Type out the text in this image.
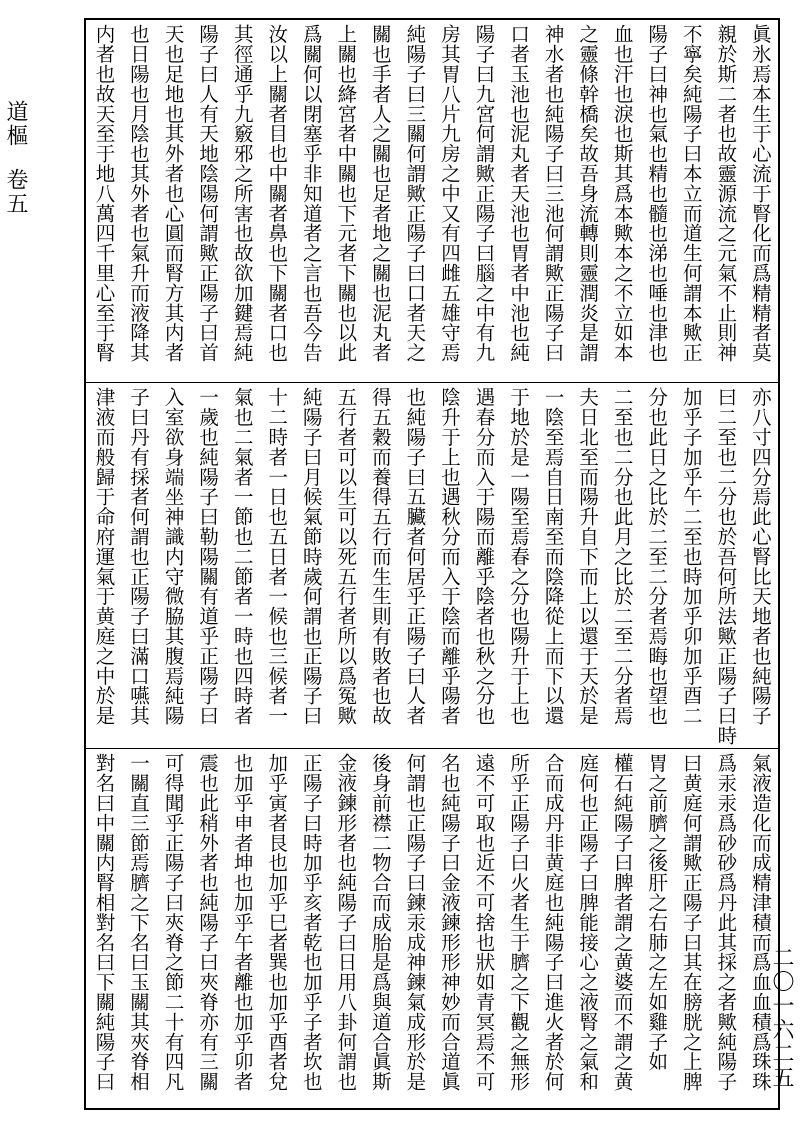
道樞卷五
二〇一六二五
眞氷焉本生于心流于腎化而爲精精者莫
親於斯二者也故靈源流之元氣不止則神
不寧矣純陽子曰本立而道生何謂本歟正
陽子曰神也氣也精也髓也涕也唾也津也
血也汗也淚也斯其爲本歟本之不立如本
之靈條幹橋矣故吾身流轉則靈潤炎是謂
神水者也純陽子曰三池何謂歟正陽子曰
口者玉池也泥丸者天池也胃者中池也純
陽子曰九宮何謂歟正陽子曰腦之中有九
房其胃八片九房之中又有四雌五雄守焉
純陽子曰三關何謂歟正陽子曰口者天之
關也手者人之關也足者地之關也泥丸者
上關也絳宮者中關也下元者下關也以此
爲關何以閉塞乎非知道者之言也吾今告
汝以上關者目也中關者鼻也下關者口也
其徑通乎九竅邪之所害也故欲加鍵焉純
陽子曰人有天地陰陽何謂歟正陽子曰首
天也足地也其外者也心圓而腎方其内者
也日陽也月陰也其外者也氣升而液降其
内者也故天至于地八萬四千里心至于腎
亦八寸四分焉此心腎比天地者也純陽子
曰二至也二分也於吾何所法歟正陽子曰時
加乎子加乎午二至也時加乎卯加乎酉二
分也此日之比於二至二分者焉晦也望也
二至也二分也此月之比於二至二分者焉
夫日北至而陽升自下而上以還于天於是
一陰至焉自日南至而陰降從上而下以還
于地於是一陽至焉春之分也陽升于上也
遇春分而入于陽而離乎陰者也秋之分也
陰升于上也遇秋分而入于陰而離乎陽者
也純陽子曰五臟者何居乎正陽子曰人者
得五穀而養得五行而生生則有敗者也故
五行者可以生可以死五行者所以爲冤歟
純陽子曰月候氣節時歲何謂也正陽子曰
十二時者一日也五日者一候也三候者一
氣也二氣者一節也二節者一時也四時者
一歲也純陽子曰勒陽關有道乎正陽子曰
入室欲身端坐神識内守微脇其腹焉純陽
子曰丹有採者何謂也正陽子曰滿口嚥其
津液而般歸于命府運氣于黄庭之中於是
氣液造化而成精津積而爲血血積爲珠珠
爲汞汞爲砂砂爲丹此其採之者歟純陽子
曰黄庭何謂歟正陽子曰其在膀胱之上脾
胃之前臍之後肝之右肺之左如雞子如
權石純陽子曰脾者謂之黄婆而不謂之黄
庭何也正陽子曰脾能接心之液腎之氣和
合而成丹非黄庭也純陽子曰進火者於何
所乎正陽子曰火者生于臍之下觀之無形
遠不可取也近不可捨也狀如青冥焉不可
名也純陽子曰金液鍊形形神妙而合道眞
何謂也正陽子曰鍊汞成神鍊氣成形於是
後身前襟二物合而成胎是爲與道合眞斯
金液鍊形者也純陽子曰日用八卦何謂也
正陽子曰時加乎亥者乾也加乎子者坎也
加乎寅者艮也加乎巳者巽也加乎酉者兌
也加乎申者坤也加乎午者離也加乎卯者
震也此稍外者也純陽子曰夾脊亦有三關
可得聞乎正陽子曰夾脊之節二十有四凡
一關直三節焉臍之下名曰玉關其夾脊相
對名曰中關内腎相對名曰下關純陽子曰
